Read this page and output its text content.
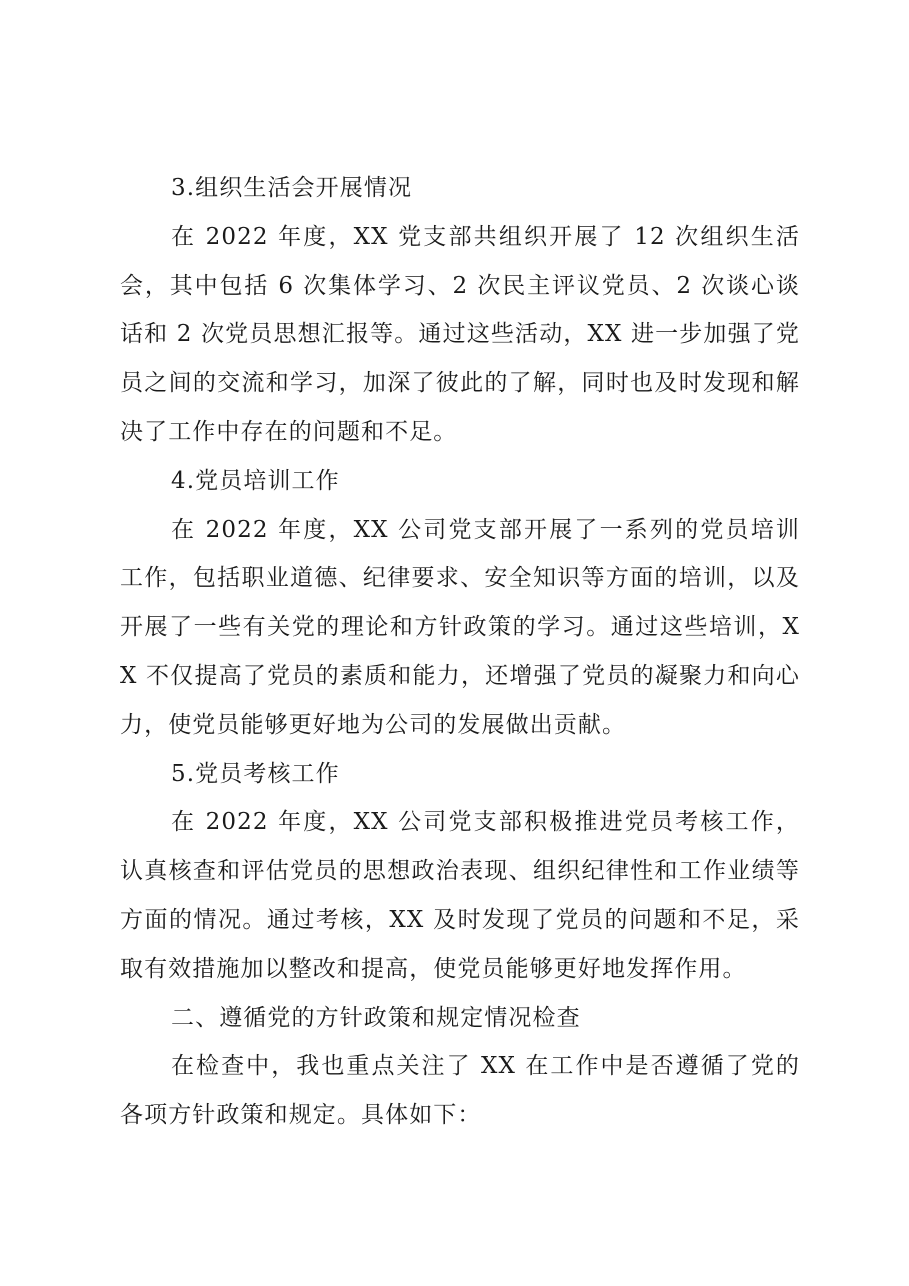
3.组织生活会开展情况

在 2022 年度，XX 党支部共组织开展了 12 次组织生活会，其中包括 6 次集体学习、2 次民主评议党员、2 次谈心谈话和 2 次党员思想汇报等。通过这些活动，XX 进一步加强了党员之间的交流和学习，加深了彼此的了解，同时也及时发现和解决了工作中存在的问题和不足。

4.党员培训工作

在 2022 年度，XX 公司党支部开展了一系列的党员培训工作，包括职业道德、纪律要求、安全知识等方面的培训，以及开展了一些有关党的理论和方针政策的学习。通过这些培训，XX 不仅提高了党员的素质和能力，还增强了党员的凝聚力和向心力，使党员能够更好地为公司的发展做出贡献。

5.党员考核工作

在 2022 年度，XX 公司党支部积极推进党员考核工作，认真核查和评估党员的思想政治表现、组织纪律性和工作业绩等方面的情况。通过考核，XX 及时发现了党员的问题和不足，采取有效措施加以整改和提高，使党员能够更好地发挥作用。

二、遵循党的方针政策和规定情况检查

在检查中，我也重点关注了 XX 在工作中是否遵循了党的各项方针政策和规定。具体如下：
